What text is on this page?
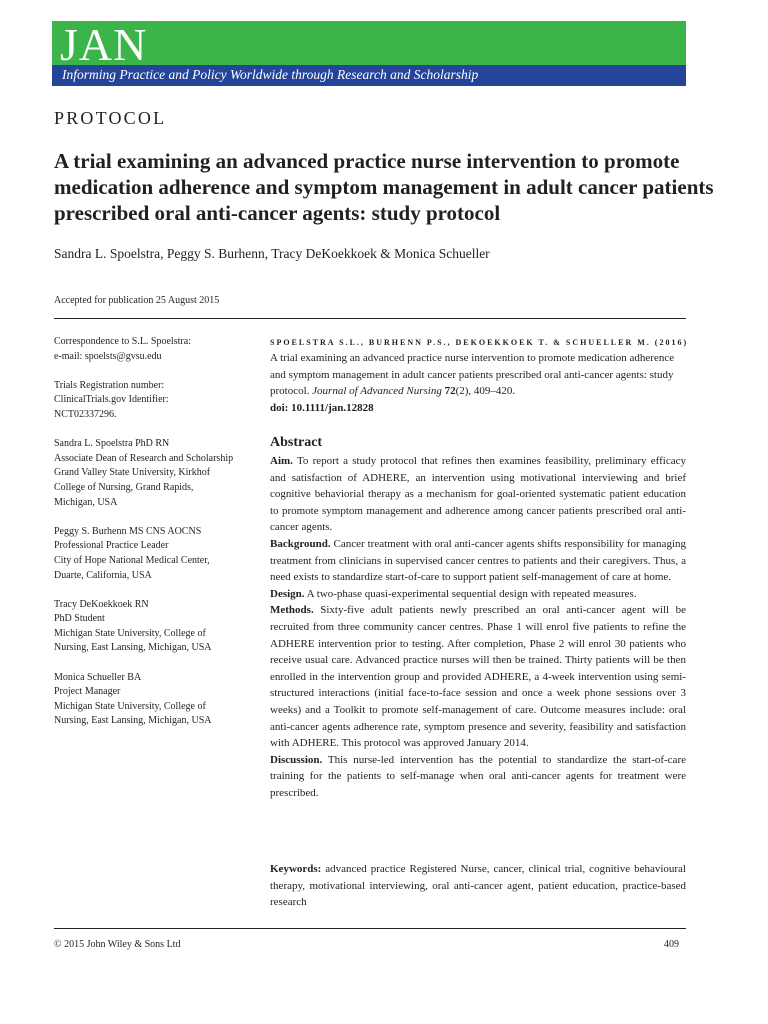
JAN
Informing Practice and Policy Worldwide through Research and Scholarship
PROTOCOL
A trial examining an advanced practice nurse intervention to promote medication adherence and symptom management in adult cancer patients prescribed oral anti-cancer agents: study protocol
Sandra L. Spoelstra, Peggy S. Burhenn, Tracy DeKoekkoek & Monica Schueller
Accepted for publication 25 August 2015

Correspondence to S.L. Spoelstra:
e-mail: spoelsts@gvsu.edu

Trials Registration number:
ClinicalTrials.gov Identifier:
NCT02337296.

Sandra L. Spoelstra PhD RN
Associate Dean of Research and Scholarship
Grand Valley State University, Kirkhof
College of Nursing, Grand Rapids,
Michigan, USA

Peggy S. Burhenn MS CNS AOCNS
Professional Practice Leader
City of Hope National Medical Center,
Duarte, California, USA

Tracy DeKoekkoek RN
PhD Student
Michigan State University, College of
Nursing, East Lansing, Michigan, USA

Monica Schueller BA
Project Manager
Michigan State University, College of
Nursing, East Lansing, Michigan, USA

SPOELSTRA S.L., BURHENN P.S., DEKOEKKOEK T. & SCHUELLER M. (2016)
A trial examining an advanced practice nurse intervention to promote medication adherence and symptom management in adult cancer patients prescribed oral anti-cancer agents: study protocol. Journal of Advanced Nursing 72(2), 409–420.
doi: 10.1111/jan.12828
Abstract

Aim. To report a study protocol that refines then examines feasibility, preliminary efficacy and satisfaction of ADHERE, an intervention using motivational interviewing and brief cognitive behaviorial therapy as a mechanism for goal-oriented systematic patient education to promote symptom management and adherence among cancer patients prescribed oral anti-cancer agents.

Background. Cancer treatment with oral anti-cancer agents shifts responsibility for managing treatment from clinicians in supervised cancer centres to patients and their caregivers. Thus, a need exists to standardize start-of-care to support patient self-management of care at home.

Design. A two-phase quasi-experimental sequential design with repeated measures.

Methods. Sixty-five adult patients newly prescribed an oral anti-cancer agent will be recruited from three community cancer centres. Phase 1 will enrol five patients to refine the ADHERE intervention prior to testing. After completion, Phase 2 will enrol 30 patients who receive usual care. Advanced practice nurses will then be trained. Thirty patients will be then enrolled in the intervention group and provided ADHERE, a 4-week intervention using semi-structured interactions (initial face-to-face session and once a week phone sessions over 3 weeks) and a Toolkit to promote self-management of care. Outcome measures include: oral anti-cancer agents adherence rate, symptom presence and severity, feasibility and satisfaction with ADHERE. This protocol was approved January 2014.

Discussion. This nurse-led intervention has the potential to standardize the start-of-care training for the patients to self-manage when oral anti-cancer agents for treatment were prescribed.

Keywords: advanced practice Registered Nurse, cancer, clinical trial, cognitive behavioural therapy, motivational interviewing, oral anti-cancer agent, patient education, practice-based research
© 2015 John Wiley & Sons Ltd	409
